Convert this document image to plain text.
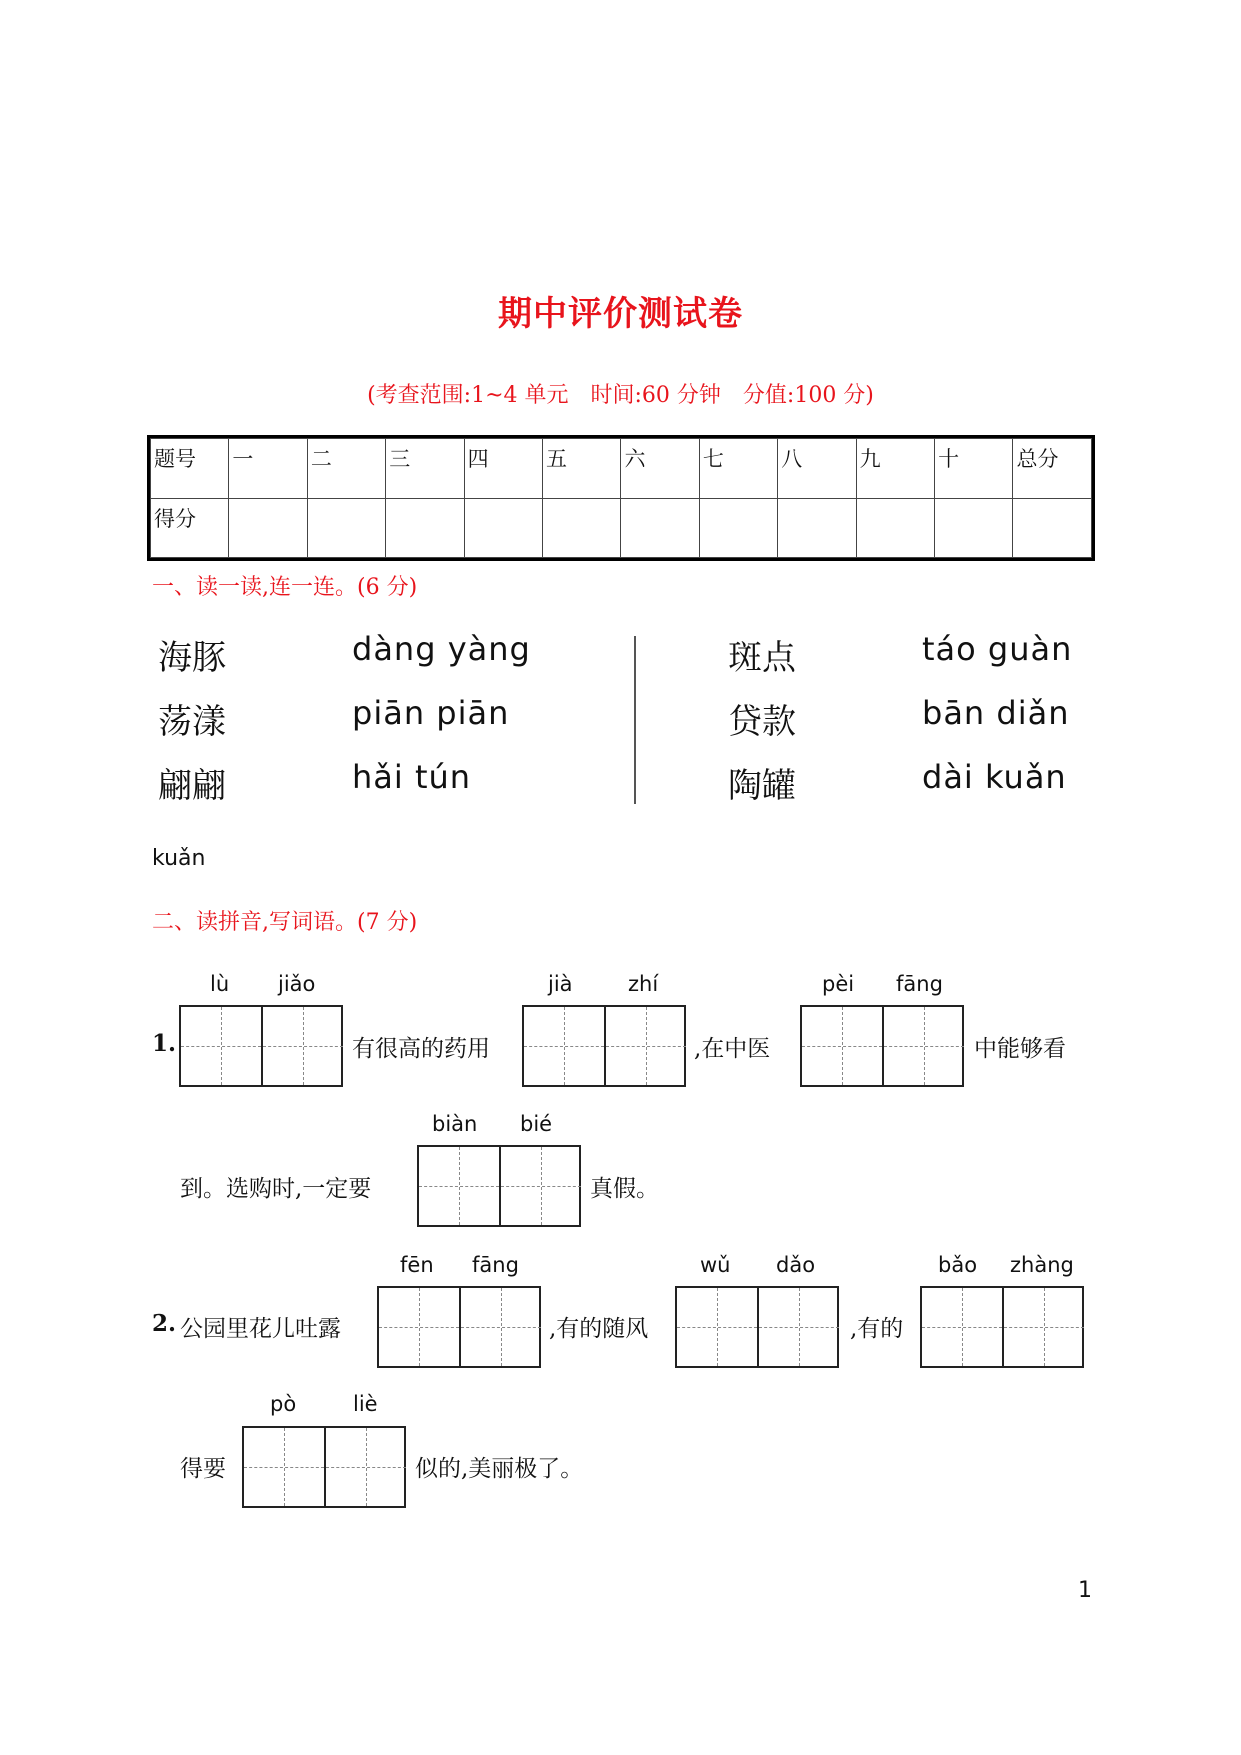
期中评价测试卷
(考查范围:1~4 单元　时间:60 分钟　分值:100 分)
题号	一	二	三	四	五	六	七	八	九	十	总分
得分											
一、读一读,连一连。(6 分)
海豚	dàng yàng
荡漾	piān piān
翩翩	hǎi tún
斑点	táo guàn
贷款	bān diǎn
陶罐	dài kuǎn
kuǎn
二、读拼音,写词语。(7 分)
lù jiǎo
1.	有很高的药用
jià	zhí
,在中医
pèi fāng
中能够看
到。选购时,一定要
biàn bié
真假。
2. 公园里花儿吐露
fēn fāng
,有的随风
wǔ dǎo
,有的
bǎo zhàng
得要
pò	liè
似的,美丽极了。
1
